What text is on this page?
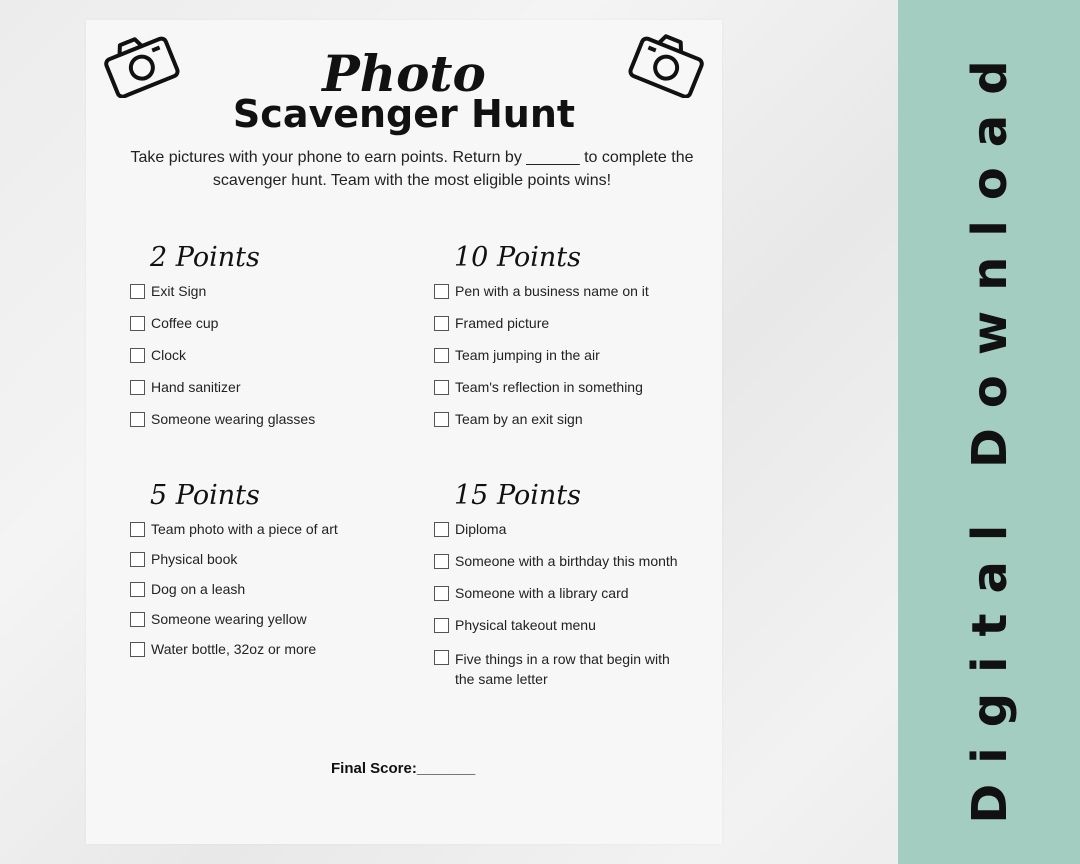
Photo
Scavenger Hunt
Take pictures with your phone to earn points. Return by ______ to complete the
scavenger hunt. Team with the most eligible points wins!
2 Points
Exit Sign
Coffee cup
Clock
Hand sanitizer
Someone wearing glasses
10 Points
Pen with a business name on it
Framed picture
Team jumping in the air
Team's reflection in something
Team by an exit sign
5 Points
Team photo with a piece of art
Physical book
Dog on a leash
Someone wearing yellow
Water bottle, 32oz or more
15 Points
Diploma
Someone with a birthday this month
Someone with a library card
Physical takeout menu
Five things in a row that begin with the same letter
Final Score:_______	Digital Download
